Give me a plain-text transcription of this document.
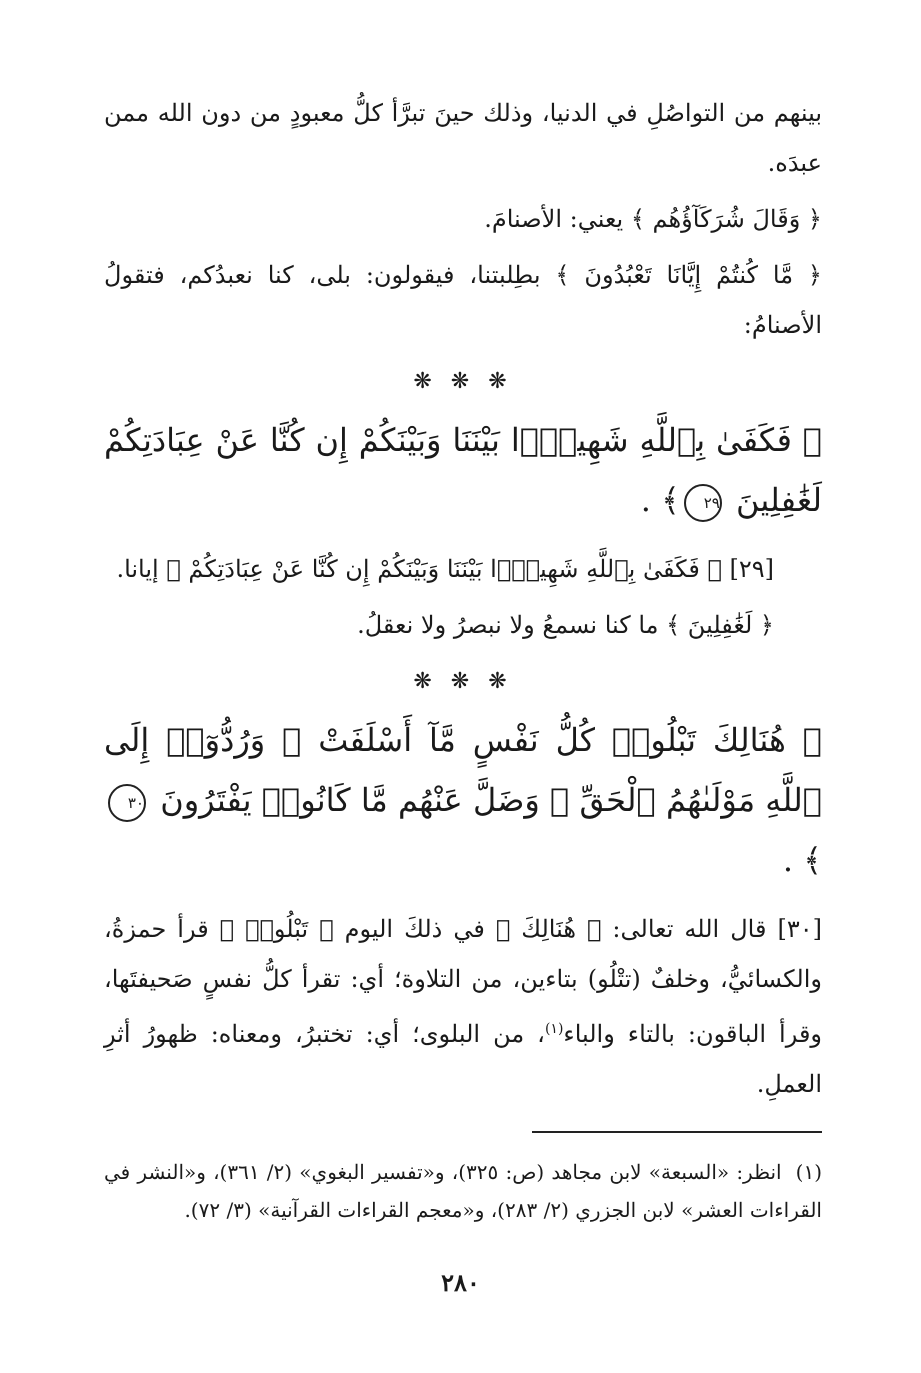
بينهم من التواصُلِ في الدنيا، وذلك حينَ تبرَّأ كلُّ معبودٍ من دون الله ممن عبدَه.

﴿ وَقَالَ شُرَكَآؤُهُم ﴾ يعني: الأصنامَ.

﴿ مَّا كُنتُمْ إِيَّانَا تَعْبُدُونَ ﴾ بطِلبتنا، فيقولون: بلى، كنا نعبدُكم، فتقولُ الأصنامُ:

❋ ❋ ❋

﴿ فَكَفَىٰ بِٱللَّهِ شَهِيدًۢا بَيْنَنَا وَبَيْنَكُمْ إِن كُنَّا عَنْ عِبَادَتِكُمْ لَغَٰفِلِينَ ٢٩﴾ .

[٢٩] ﴿ فَكَفَىٰ بِٱللَّهِ شَهِيدًۢا بَيْنَنَا وَبَيْنَكُمْ إِن كُنَّا عَنْ عِبَادَتِكُمْ ﴾ إيانا.

﴿ لَغَٰفِلِينَ ﴾ ما كنا نسمعُ ولا نبصرُ ولا نعقلُ.

❋ ❋ ❋

﴿ هُنَالِكَ تَبْلُوا۟ كُلُّ نَفْسٍ مَّآ أَسْلَفَتْ ۚ وَرُدُّوٓا۟ إِلَى ٱللَّهِ مَوْلَىٰهُمُ ٱلْحَقِّ ۖ وَضَلَّ عَنْهُم مَّا كَانُوا۟ يَفْتَرُونَ ٣٠﴾ .

[٣٠] قال الله تعالى: ﴿ هُنَالِكَ ﴾ في ذلكَ اليوم ﴿ تَبْلُوا۟ ﴾ قرأ حمزةُ، والكسائيُّ، وخلفٌ (تتْلُو) بتاءين، من التلاوة؛ أي: تقرأ كلُّ نفسٍ صَحيفتَها، وقرأ الباقون: بالتاء والباء$^{(١)}$، من البلوى؛ أي: تختبرُ، ومعناه: ظهورُ أثرِ العملِ.

(١)انظر: «السبعة» لابن مجاهد (ص: ٣٢٥)، و«تفسير البغوي» (٢/ ٣٦١)، و«النشر في القراءات العشر» لابن الجزري (٢/ ٢٨٣)، و«معجم القراءات القرآنية» (٣/ ٧٢).

٢٨٠
